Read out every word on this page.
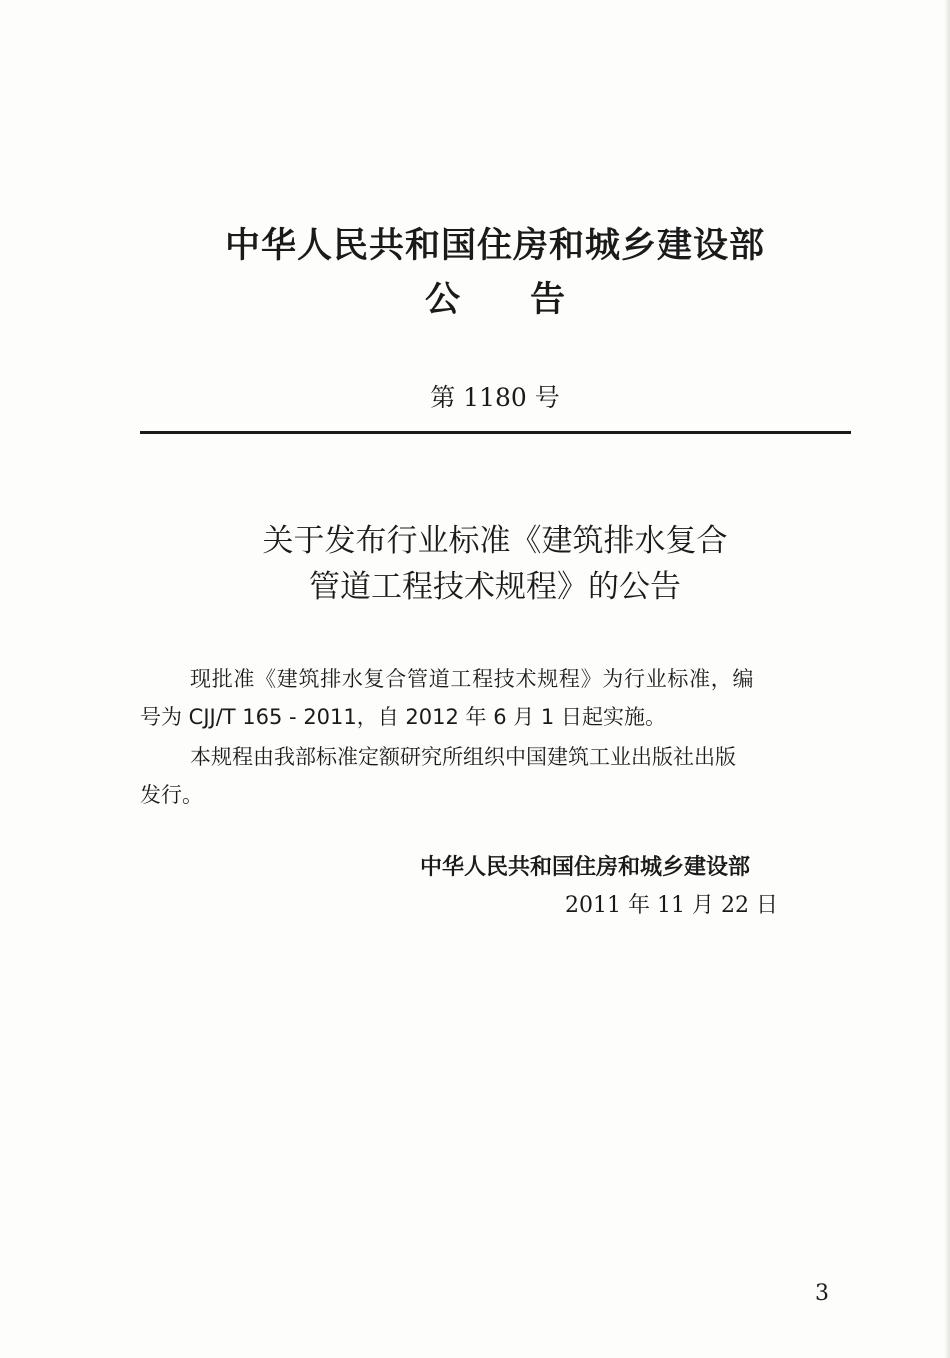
中华人民共和国住房和城乡建设部
公告
第 1180 号
关于发布行业标准《建筑排水复合
管道工程技术规程》的公告
现批准《建筑排水复合管道工程技术规程》为行业标准，编
号为 CJJ/T 165 - 2011，自 2012 年 6 月 1 日起实施。
本规程由我部标准定额研究所组织中国建筑工业出版社出版
发行。
中华人民共和国住房和城乡建设部
2011 年 11 月 22 日
3
